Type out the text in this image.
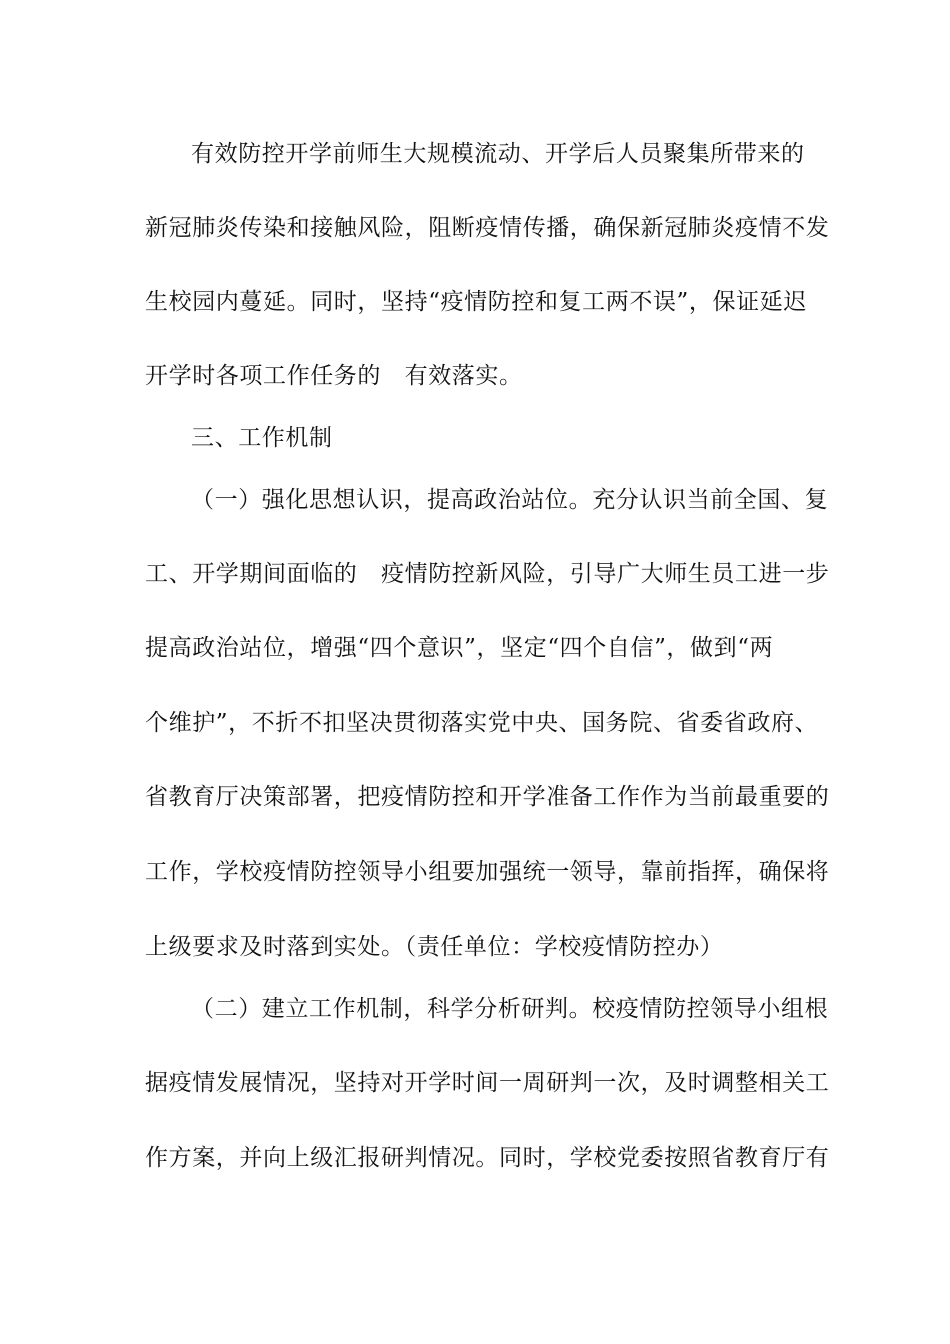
有效防控开学前师生大规模流动、开学后人员聚集所带来的
新冠肺炎传染和接触风险，阻断疫情传播，确保新冠肺炎疫情不发
生校园内蔓延。同时，坚持“疫情防控和复工两不误”，保证延迟
开学时各项工作任务的　有效落实。
三、工作机制
（一）强化思想认识，提高政治站位。充分认识当前全国、复
工、开学期间面临的　疫情防控新风险，引导广大师生员工进一步
提高政治站位，增强“四个意识”，坚定“四个自信”，做到“两
个维护”，不折不扣坚决贯彻落实党中央、国务院、省委省政府、
省教育厅决策部署，把疫情防控和开学准备工作作为当前最重要的
工作，学校疫情防控领导小组要加强统一领导，靠前指挥，确保将
上级要求及时落到实处。（责任单位：学校疫情防控办）
（二）建立工作机制，科学分析研判。校疫情防控领导小组根
据疫情发展情况，坚持对开学时间一周研判一次，及时调整相关工
作方案，并向上级汇报研判情况。同时，学校党委按照省教育厅有
